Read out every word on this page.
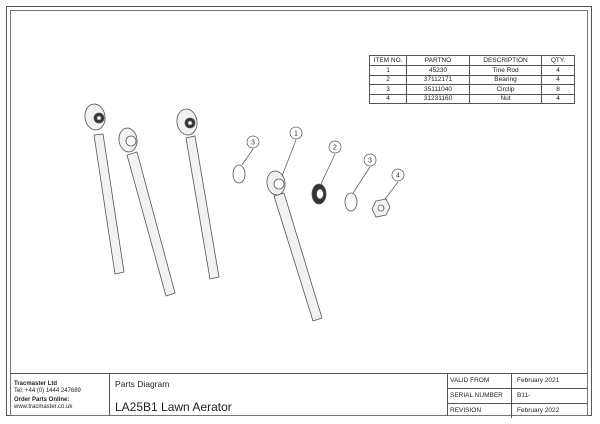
ITEM NO.	PARTNO	DESCRIPTION	QTY.
1	45230	Tine Rod	4
2	37112171	Bearing	4
3	35111040	Circlip	8
4	31231160	Nut	4
3
1
2
3
4
Tracmaster Ltd
Tel: +44 (0) 1444 247689
Order Parts Online:
www.tracmaster.co.uk
Parts Diagram
LA25B1 Lawn Aerator
VALID FROM	February 2021
SERIAL NUMBER B11-
REVISION	February 2022
